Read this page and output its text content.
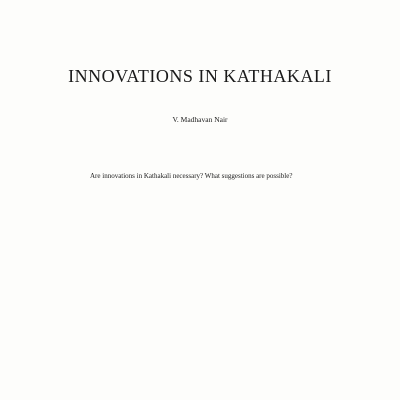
INNOVATIONS IN KATHAKALI
V. Madhavan Nair

Are innovations in Kathakali necessary? What suggestions are possible?
